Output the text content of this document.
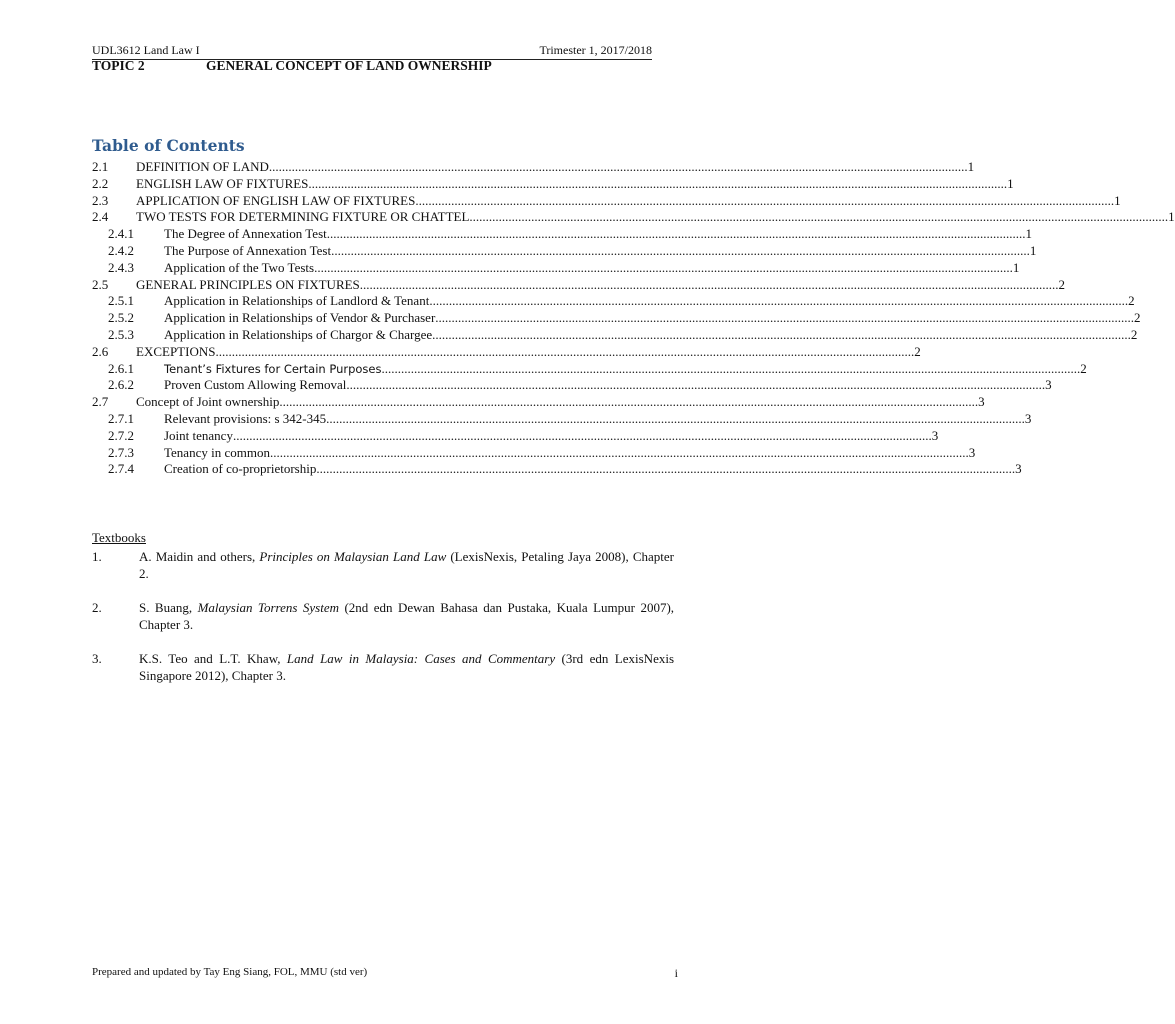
UDL3612 Land Law I	Trimester 1, 2017/2018
TOPIC 2	GENERAL CONCEPT OF LAND OWNERSHIP
Table of Contents
2.1	DEFINITION OF LAND .....	1
2.2	ENGLISH LAW OF FIXTURES .....	1
2.3	APPLICATION OF ENGLISH LAW OF FIXTURES .....	1
2.4	TWO TESTS FOR DETERMINING FIXTURE OR CHATTEL .....	1
2.4.1	The Degree of Annexation Test .....	1
2.4.2	The Purpose of Annexation Test .....	1
2.4.3	Application of the Two Tests .....	1
2.5	GENERAL PRINCIPLES ON FIXTURES .....	2
2.5.1	Application in Relationships of Landlord & Tenant .....	2
2.5.2	Application in Relationships of Vendor & Purchaser .....	2
2.5.3	Application in Relationships of Chargor & Chargee .....	2
2.6	EXCEPTIONS .....	2
2.6.1	Tenant’s Fixtures for Certain Purposes .....	2
2.6.2	Proven Custom Allowing Removal .....	3
2.7	Concept of Joint ownership .....	3
2.7.1	Relevant provisions: s 342-345 .....	3
2.7.2	Joint tenancy .....	3
2.7.3	Tenancy in common .....	3
2.7.4	Creation of co-proprietorship .....	3
Textbooks
1.	A. Maidin and others, Principles on Malaysian Land Law (LexisNexis, Petaling Jaya 2008), Chapter 2.
2.	S. Buang, Malaysian Torrens System (2nd edn Dewan Bahasa dan Pustaka, Kuala Lumpur 2007), Chapter 3.
3.	K.S. Teo and L.T. Khaw, Land Law in Malaysia: Cases and Commentary (3rd edn LexisNexis Singapore 2012), Chapter 3.
Prepared and updated by Tay Eng Siang, FOL, MMU (std ver)	i
